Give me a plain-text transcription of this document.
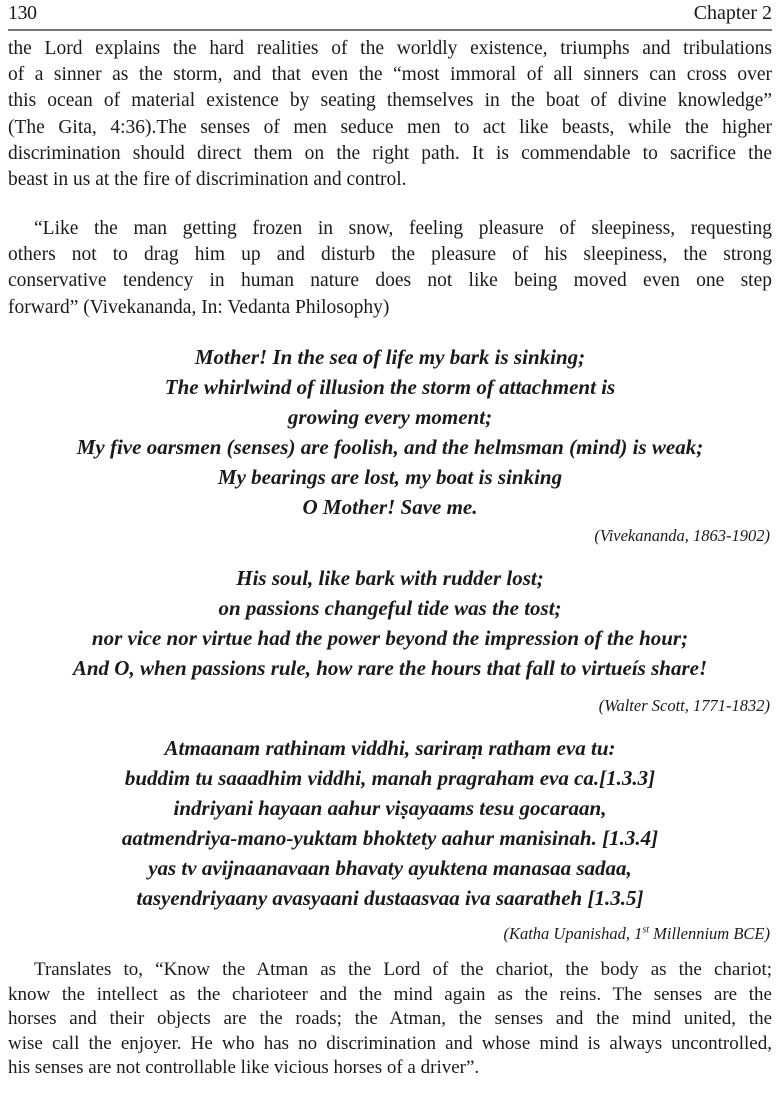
130	Chapter 2
the Lord explains the hard realities of the worldly existence, triumphs and tribulations
of a sinner as the storm, and that even the “most immoral of all sinners can cross over
this ocean of material existence by seating themselves in the boat of divine knowledge”
(The Gita, 4:36).The senses of men seduce men to act like beasts, while the higher
discrimination should direct them on the right path. It is commendable to sacrifice the
beast in us at the fire of discrimination and control.
“Like the man getting frozen in snow, feeling pleasure of sleepiness, requesting
others not to drag him up and disturb the pleasure of his sleepiness, the strong
conservative tendency in human nature does not like being moved even one step
forward” (Vivekananda, In: Vedanta Philosophy)
Mother! In the sea of life my bark is sinking;
The whirlwind of illusion the storm of attachment is
growing every moment;
My five oarsmen (senses) are foolish, and the helmsman (mind) is weak;
My bearings are lost, my boat is sinking
O Mother! Save me.
(Vivekananda, 1863-1902)
His soul, like bark with rudder lost;
on passions changeful tide was the tost;
nor vice nor virtue had the power beyond the impression of the hour;
And O, when passions rule, how rare the hours that fall to virtueís share!
(Walter Scott, 1771-1832)
Atmaanam rathinam viddhi, sariraṃ ratham eva tu:
buddim tu saaadhim viddhi, manah pragraham eva ca.[1.3.3]
indriyani hayaan aahur viṣayaams tesu gocaraan,
aatmendriya-mano-yuktam bhoktety aahur manisinah. [1.3.4]
yas tv avijnaanavaan bhavaty ayuktena manasaa sadaa,
tasyendriyaany avasyaani dustaasvaa iva saaratheh [1.3.5]
(Katha Upanishad, 1st Millennium BCE)
Translates to, “Know the Atman as the Lord of the chariot, the body as the chariot;
know the intellect as the charioteer and the mind again as the reins. The senses are the
horses and their objects are the roads; the Atman, the senses and the mind united, the
wise call the enjoyer. He who has no discrimination and whose mind is always uncontrolled,
his senses are not controllable like vicious horses of a driver”.
